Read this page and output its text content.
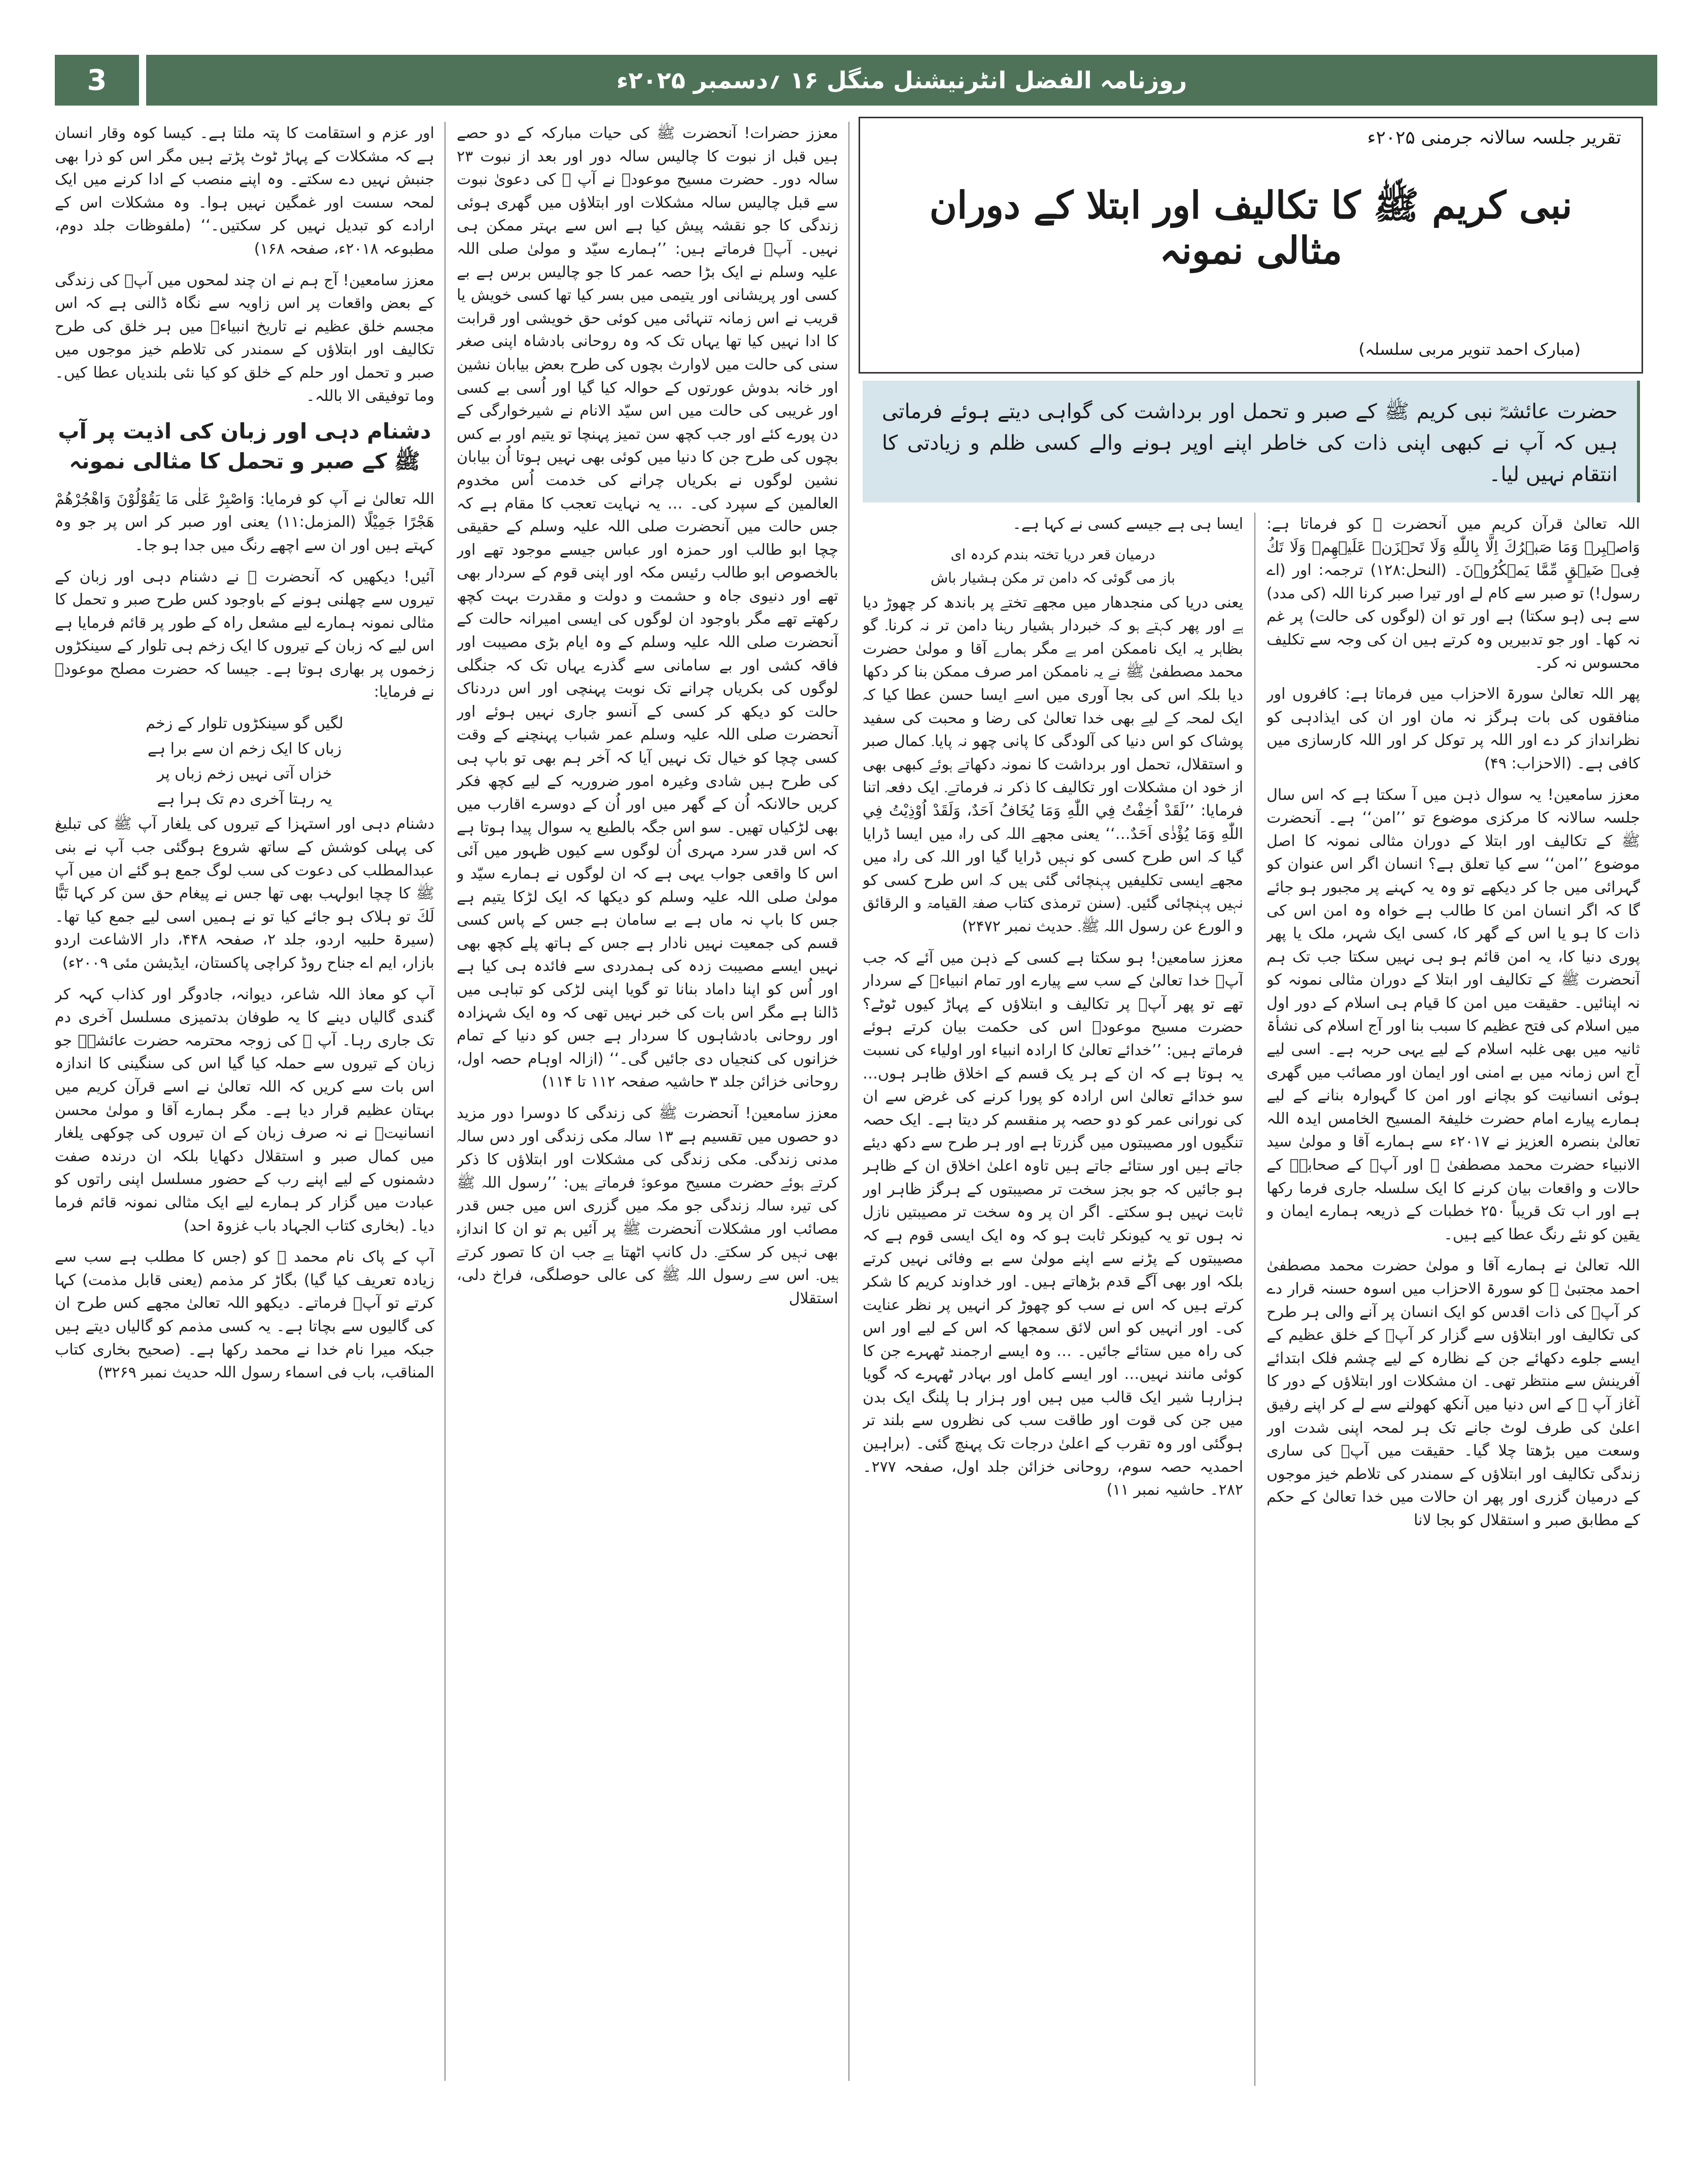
3	روزنامہ الفضل انٹرنیشنل منگل ۱۶ ؍دسمبر ۲۰۲۵ء
تقریر جلسہ سالانہ جرمنی ۲۰۲۵ء
نبی کریم ﷺ کا تکالیف اور ابتلا کے دوران مثالی نمونہ
(مبارک احمد تنویر مربی سلسلہ)
حضرت عائشہؓ نبی کریم ﷺ کے صبر و تحمل اور برداشت کی گواہی دیتے ہوئے فرماتی ہیں کہ آپ نے کبھی اپنی ذات کی خاطر اپنے اوپر ہونے والے کسی ظلم و زیادتی کا انتقام نہیں لیا۔

اللہ تعالیٰ قرآن کریم میں آنحضرت ﷺ کو فرماتا ہے: وَاصۡبِرۡ وَمَا صَبۡرُكَ اِلَّا بِاللّٰهِ وَلَا تَحۡزَنۡ عَلَيۡهِمۡ وَلَا تَكُ فِىۡ ضَيۡقٍ مِّمَّا يَمۡكُرُوۡنَ۔ (النحل:۱۲۸) ترجمہ: اور (اے رسول!) تو صبر سے کام لے اور تیرا صبر کرنا اللہ (کی مدد) سے ہی (ہو سکتا) ہے اور تو ان (لوگوں کی حالت) پر غم نہ کھا۔ اور جو تدبیریں وہ کرتے ہیں ان کی وجہ سے تکلیف محسوس نہ کر۔

پھر اللہ تعالیٰ سورۃ الاحزاب میں فرماتا ہے: کافروں اور منافقوں کی بات ہرگز نہ مان اور ان کی ایذادہی کو نظرانداز کر دے اور اللہ پر توکل کر اور اللہ کارسازی میں کافی ہے۔ (الاحزاب: ۴۹)

معزز سامعین! یہ سوال ذہن میں آ سکتا ہے کہ اس سال جلسہ سالانہ کا مرکزی موضوع تو ’’امن‘‘ ہے۔ آنحضرت ﷺ کے تکالیف اور ابتلا کے دوران مثالی نمونہ کا اصل موضوع ’’امن‘‘ سے کیا تعلق ہے؟ انسان اگر اس عنوان کو گہرائی میں جا کر دیکھے تو وہ یہ کہنے پر مجبور ہو جائے گا کہ اگر انسان امن کا طالب ہے خواہ وہ امن اس کی ذات کا ہو یا اس کے گھر کا، کسی ایک شہر، ملک یا پھر پوری دنیا کا، یہ امن قائم ہو ہی نہیں سکتا جب تک ہم آنحضرت ﷺ کے تکالیف اور ابتلا کے دوران مثالی نمونہ کو نہ اپنائیں۔ حقیقت میں امن کا قیام ہی اسلام کے دور اول میں اسلام کی فتح عظیم کا سبب بنا اور آج اسلام کی نشأۃ ثانیہ میں بھی غلبہ اسلام کے لیے یہی حربہ ہے۔ اسی لیے آج اس زمانہ میں بے امنی اور ایمان اور مصائب میں گھری ہوئی انسانیت کو بچانے اور امن کا گہوارہ بنانے کے لیے ہمارے پیارے امام حضرت خلیفۃ المسیح الخامس ایدہ اللہ تعالیٰ بنصرہ العزیز نے ۲۰۱۷ء سے ہمارے آقا و مولیٰ سید الانبیاء حضرت محمد مصطفیٰ ﷺ اور آپؐ کے صحابہؓ کے حالات و واقعات بیان کرنے کا ایک سلسلہ جاری فرما رکھا ہے اور اب تک قریباً ۲۵۰ خطبات کے ذریعہ ہمارے ایمان و یقین کو نئے رنگ عطا کیے ہیں۔

اللہ تعالیٰ نے ہمارے آقا و مولیٰ حضرت محمد مصطفیٰ احمد مجتبیٰ ﷺ کو سورۃ الاحزاب میں اسوہ حسنہ قرار دے کر آپؐ کی ذات اقدس کو ایک انسان پر آنے والی ہر طرح کی تکالیف اور ابتلاؤں سے گزار کر آپؐ کے خلق عظیم کے ایسے جلوے دکھائے جن کے نظارہ کے لیے چشم فلک ابتدائے آفرینش سے منتظر تھی۔ ان مشکلات اور ابتلاؤں کے دور کا آغاز آپ ﷺ کے اس دنیا میں آنکھ کھولنے سے لے کر اپنے رفیق اعلیٰ کی طرف لوٹ جانے تک ہر لمحہ اپنی شدت اور وسعت میں بڑھتا چلا گیا۔ حقیقت میں آپؐ کی ساری زندگی تکالیف اور ابتلاؤں کے سمندر کی تلاطم خیز موجوں کے درمیان گزری اور پھر ان حالات میں خدا تعالیٰ کے حکم کے مطابق صبر و استقلال کو بجا لانا

ایسا ہی ہے جیسے کسی نے کہا ہے۔

درمیان قعر دریا تختہ بندم کردہ ای
باز می گوئی کہ دامن تر مکن ہشیار باش

یعنی دریا کی منجدھار میں مجھے تختے پر باندھ کر چھوڑ دیا ہے اور پھر کہتے ہو کہ خبردار ہشیار رہنا دامن تر نہ کرنا۔ گو بظاہر یہ ایک ناممکن امر ہے مگر ہمارے آقا و مولیٰ حضرت محمد مصطفیٰ ﷺ نے یہ ناممکن امر صرف ممکن بنا کر دکھا دیا بلکہ اس کی بجا آوری میں اسے ایسا حسن عطا کیا کہ ایک لمحہ کے لیے بھی خدا تعالیٰ کی رضا و محبت کی سفید پوشاک کو اس دنیا کی آلودگی کا پانی چھو نہ پایا۔ کمال صبر و استقلال، تحمل اور برداشت کا نمونہ دکھاتے ہوئے کبھی بھی از خود ان مشکلات اور تکالیف کا ذکر نہ فرماتے۔ ایک دفعہ اتنا فرمایا: ’’لَقَدْ اُخِفْتُ فِي اللّٰهِ وَمَا يُخَافُ اَحَدٌ، وَلَقَدْ اُوْذِيْتُ فِي اللّٰهِ وَمَا يُؤْذٰى اَحَدٌ…‘‘ یعنی مجھے اللہ کی راہ میں ایسا ڈرایا گیا کہ اس طرح کسی کو نہیں ڈرایا گیا اور اللہ کی راہ میں مجھے ایسی تکلیفیں پہنچائی گئی ہیں کہ اس طرح کسی کو نہیں پہنچائی گئیں۔ (سنن ترمذی کتاب صفۃ القیامۃ و الرقائق و الورع عن رسول اللہ ﷺ۔ حدیث نمبر ۲۴۷۲)

معزز سامعین! ہو سکتا ہے کسی کے ذہن میں آئے کہ جب آپؐ خدا تعالیٰ کے سب سے پیارے اور تمام انبیاءؑ کے سردار تھے تو پھر آپؐ پر تکالیف و ابتلاؤں کے پہاڑ کیوں ٹوٹے؟ حضرت مسیح موعودؑ اس کی حکمت بیان کرتے ہوئے فرماتے ہیں: ’’خدائے تعالیٰ کا ارادہ انبیاء اور اولیاء کی نسبت یہ ہوتا ہے کہ ان کے ہر یک قسم کے اخلاق ظاہر ہوں… سو خدائے تعالیٰ اس ارادہ کو پورا کرنے کی غرض سے ان کی نورانی عمر کو دو حصہ پر منقسم کر دیتا ہے۔ ایک حصہ تنگیوں اور مصیبتوں میں گزرتا ہے اور ہر طرح سے دکھ دیئے جاتے ہیں اور ستائے جاتے ہیں تاوہ اعلیٰ اخلاق ان کے ظاہر ہو جائیں کہ جو بجز سخت تر مصیبتوں کے ہرگز ظاہر اور ثابت نہیں ہو سکتے۔ اگر ان پر وہ سخت تر مصیبتیں نازل نہ ہوں تو یہ کیونکر ثابت ہو کہ وہ ایک ایسی قوم ہے کہ مصیبتوں کے پڑنے سے اپنے مولیٰ سے بے وفائی نہیں کرتے بلکہ اور بھی آگے قدم بڑھاتے ہیں۔ اور خداوند کریم کا شکر کرتے ہیں کہ اس نے سب کو چھوڑ کر انہیں پر نظر عنایت کی۔ اور انہیں کو اس لائق سمجھا کہ اس کے لیے اور اس کی راہ میں ستائے جائیں۔ … وہ ایسے ارجمند ٹھہرے جن کا کوئی مانند نہیں… اور ایسے کامل اور بہادر ٹھہرے کہ گویا ہزارہا شیر ایک قالب میں ہیں اور ہزار ہا پلنگ ایک بدن میں جن کی قوت اور طاقت سب کی نظروں سے بلند تر ہوگئی اور وہ تقرب کے اعلیٰ درجات تک پہنچ گئی۔ (براہین احمدیہ حصہ سوم، روحانی خزائن جلد اول، صفحہ ۲۷۷۔۲۸۲۔ حاشیہ نمبر ۱۱)

معزز حضرات! آنحضرت ﷺ کی حیات مبارکہ کے دو حصے ہیں قبل از نبوت کا چالیس سالہ دور اور بعد از نبوت ۲۳ سالہ دور۔ حضرت مسیح موعودؑ نے آپ ﷺ کی دعویٰ نبوت سے قبل چالیس سالہ مشکلات اور ابتلاؤں میں گھری ہوئی زندگی کا جو نقشہ پیش کیا ہے اس سے بہتر ممکن ہی نہیں۔ آپؑ فرماتے ہیں: ’’ہمارے سیّد و مولیٰ صلی اللہ علیہ وسلم نے ایک بڑا حصہ عمر کا جو چالیس برس ہے بے کسی اور پریشانی اور یتیمی میں بسر کیا تھا کسی خویش یا قریب نے اس زمانہ تنہائی میں کوئی حق خویشی اور قرابت کا ادا نہیں کیا تھا یہاں تک کہ وہ روحانی بادشاہ اپنی صغر سنی کی حالت میں لاوارث بچوں کی طرح بعض بیابان نشین اور خانہ بدوش عورتوں کے حوالہ کیا گیا اور اُسی بے کسی اور غریبی کی حالت میں اس سیّد الانام نے شیرخوارگی کے دن پورے کئے اور جب کچھ سن تمیز پہنچا تو یتیم اور بے کس بچوں کی طرح جن کا دنیا میں کوئی بھی نہیں ہوتا اُن بیابان نشین لوگوں نے بکریاں چرانے کی خدمت اُس مخدوم العالمین کے سپرد کی۔ … یہ نہایت تعجب کا مقام ہے کہ جس حالت میں آنحضرت صلی اللہ علیہ وسلم کے حقیقی چچا ابو طالب اور حمزہ اور عباس جیسے موجود تھے اور بالخصوص ابو طالب رئیس مکہ اور اپنی قوم کے سردار بھی تھے اور دنیوی جاہ و حشمت و دولت و مقدرت بہت کچھ رکھتے تھے مگر باوجود ان لوگوں کی ایسی امیرانہ حالت کے آنحضرت صلی اللہ علیہ وسلم کے وہ ایام بڑی مصیبت اور فاقہ کشی اور بے سامانی سے گذرے یہاں تک کہ جنگلی لوگوں کی بکریاں چرانے تک نوبت پہنچی اور اس دردناک حالت کو دیکھ کر کسی کے آنسو جاری نہیں ہوئے اور آنحضرت صلی اللہ علیہ وسلم عمر شباب پہنچنے کے وقت کسی چچا کو خیال تک نہیں آیا کہ آخر ہم بھی تو باپ ہی کی طرح ہیں شادی وغیرہ امور ضروریہ کے لیے کچھ فکر کریں حالانکہ اُن کے گھر میں اور اُن کے دوسرے اقارب میں بھی لڑکیاں تھیں۔ سو اس جگہ بالطبع یہ سوال پیدا ہوتا ہے کہ اس قدر سرد مہری اُن لوگوں سے کیوں ظہور میں آئی اس کا واقعی جواب یہی ہے کہ ان لوگوں نے ہمارے سیّد و مولیٰ صلی اللہ علیہ وسلم کو دیکھا کہ ایک لڑکا یتیم ہے جس کا باپ نہ ماں ہے بے سامان ہے جس کے پاس کسی قسم کی جمعیت نہیں نادار ہے جس کے ہاتھ پلے کچھ بھی نہیں ایسے مصیبت زدہ کی ہمدردی سے فائدہ ہی کیا ہے اور اُس کو اپنا داماد بنانا تو گویا اپنی لڑکی کو تباہی میں ڈالنا ہے مگر اس بات کی خبر نہیں تھی کہ وہ ایک شہزادہ اور روحانی بادشاہوں کا سردار ہے جس کو دنیا کے تمام خزانوں کی کنجیاں دی جائیں گی۔‘‘ (ازالہ اوہام حصہ اول، روحانی خزائن جلد ۳ حاشیہ صفحہ ۱۱۲ تا ۱۱۴)

معزز سامعین! آنحضرت ﷺ کی زندگی کا دوسرا دور مزید دو حصوں میں تقسیم ہے ۱۳ سالہ مکی زندگی اور دس سالہ مدنی زندگی۔ مکی زندگی کی مشکلات اور ابتلاؤں کا ذکر کرتے ہوئے حضرت مسیح موعودؑ فرماتے ہیں: ’’رسول اللہ ﷺ کی تیرہ سالہ زندگی جو مکہ میں گزری اس میں جس قدر مصائب اور مشکلات آنحضرت ﷺ پر آئیں ہم تو ان کا اندازہ بھی نہیں کر سکتے۔ دل کانپ اٹھتا ہے جب ان کا تصور کرتے ہیں۔ اس سے رسول اللہ ﷺ کی عالی حوصلگی، فراخ دلی، استقلال

اور عزم و استقامت کا پتہ ملتا ہے۔ کیسا کوہ وقار انسان ہے کہ مشکلات کے پہاڑ ٹوٹ پڑتے ہیں مگر اس کو ذرا بھی جنبش نہیں دے سکتے۔ وہ اپنے منصب کے ادا کرنے میں ایک لمحہ سست اور غمگین نہیں ہوا۔ وہ مشکلات اس کے ارادے کو تبدیل نہیں کر سکتیں۔‘‘ (ملفوظات جلد دوم، مطبوعہ ۲۰۱۸ء، صفحہ ۱۶۸)

معزز سامعین! آج ہم نے ان چند لمحوں میں آپؐ کی زندگی کے بعض واقعات پر اس زاویہ سے نگاہ ڈالنی ہے کہ اس مجسم خلق عظیم نے تاریخ انبیاءؑ میں ہر خلق کی طرح تکالیف اور ابتلاؤں کے سمندر کی تلاطم خیز موجوں میں صبر و تحمل اور حلم کے خلق کو کیا نئی بلندیاں عطا کیں۔ وما توفیقی الا باللہ۔

دشنام دہی اور زبان کی اذیت پر آپ ﷺ کے صبر و تحمل کا مثالی نمونہ

اللہ تعالیٰ نے آپ کو فرمایا: وَاصْبِرْ عَلٰى مَا يَقُوْلُوْنَ وَاهْجُرْهُمْ هَجْرًا جَمِيْلًا (المزمل:۱۱) یعنی اور صبر کر اس پر جو وہ کہتے ہیں اور ان سے اچھے رنگ میں جدا ہو جا۔

آئیں! دیکھیں کہ آنحضرت ﷺ نے دشنام دہی اور زبان کے تیروں سے چھلنی ہونے کے باوجود کس طرح صبر و تحمل کا مثالی نمونہ ہمارے لیے مشعل راہ کے طور پر قائم فرمایا ہے اس لیے کہ زبان کے تیروں کا ایک زخم ہی تلوار کے سینکڑوں زخموں پر بھاری ہوتا ہے۔ جیسا کہ حضرت مصلح موعودؓ نے فرمایا:

لگیں گو سینکڑوں تلوار کے زخم
زباں کا ایک زخم ان سے برا ہے
خزاں آتی نہیں زخم زباں پر
یہ رہتا آخری دم تک ہرا ہے

دشنام دہی اور استہزا کے تیروں کی یلغار آپ ﷺ کی تبلیغ کی پہلی کوشش کے ساتھ شروع ہوگئی جب آپ نے بنی عبدالمطلب کی دعوت کی سب لوگ جمع ہو گئے ان میں آپ ﷺ کا چچا ابولہب بھی تھا جس نے پیغام حق سن کر کہا تَبًّا لَكَ تو ہلاک ہو جائے کیا تو نے ہمیں اسی لیے جمع کیا تھا۔ (سیرۃ حلبیہ اردو، جلد ۲، صفحہ ۴۴۸، دار الاشاعت اردو بازار، ایم اے جناح روڈ کراچی پاکستان، ایڈیشن مئی ۲۰۰۹ء)

آپ کو معاذ اللہ شاعر، دیوانہ، جادوگر اور کذاب کہہ کر گندی گالیاں دینے کا یہ طوفان بدتمیزی مسلسل آخری دم تک جاری رہا۔ آپ ﷺ کی زوجہ محترمہ حضرت عائشہؓ جو زبان کے تیروں سے حملہ کیا گیا اس کی سنگینی کا اندازہ اس بات سے کریں کہ اللہ تعالیٰ نے اسے قرآن کریم میں بہتان عظیم قرار دیا ہے۔ مگر ہمارے آقا و مولیٰ محسن انسانیتؐ نے نہ صرف زبان کے ان تیروں کی چوکھی یلغار میں کمال صبر و استقلال دکھایا بلکہ ان درندہ صفت دشمنوں کے لیے اپنے رب کے حضور مسلسل اپنی راتوں کو عبادت میں گزار کر ہمارے لیے ایک مثالی نمونہ قائم فرما دیا۔ (بخاری کتاب الجہاد باب غزوۃ احد)

آپ کے پاک نام محمد ﷺ کو (جس کا مطلب ہے سب سے زیادہ تعریف کیا گیا) بگاڑ کر مذمم (یعنی قابل مذمت) کہا کرتے تو آپؐ فرماتے۔ دیکھو اللہ تعالیٰ مجھے کس طرح ان کی گالیوں سے بچاتا ہے۔ یہ کسی مذمم کو گالیاں دیتے ہیں جبکہ میرا نام خدا نے محمد رکھا ہے۔ (صحیح بخاری کتاب المناقب، باب فی اسماء رسول اللہ حدیث نمبر ۳۲۶۹)
